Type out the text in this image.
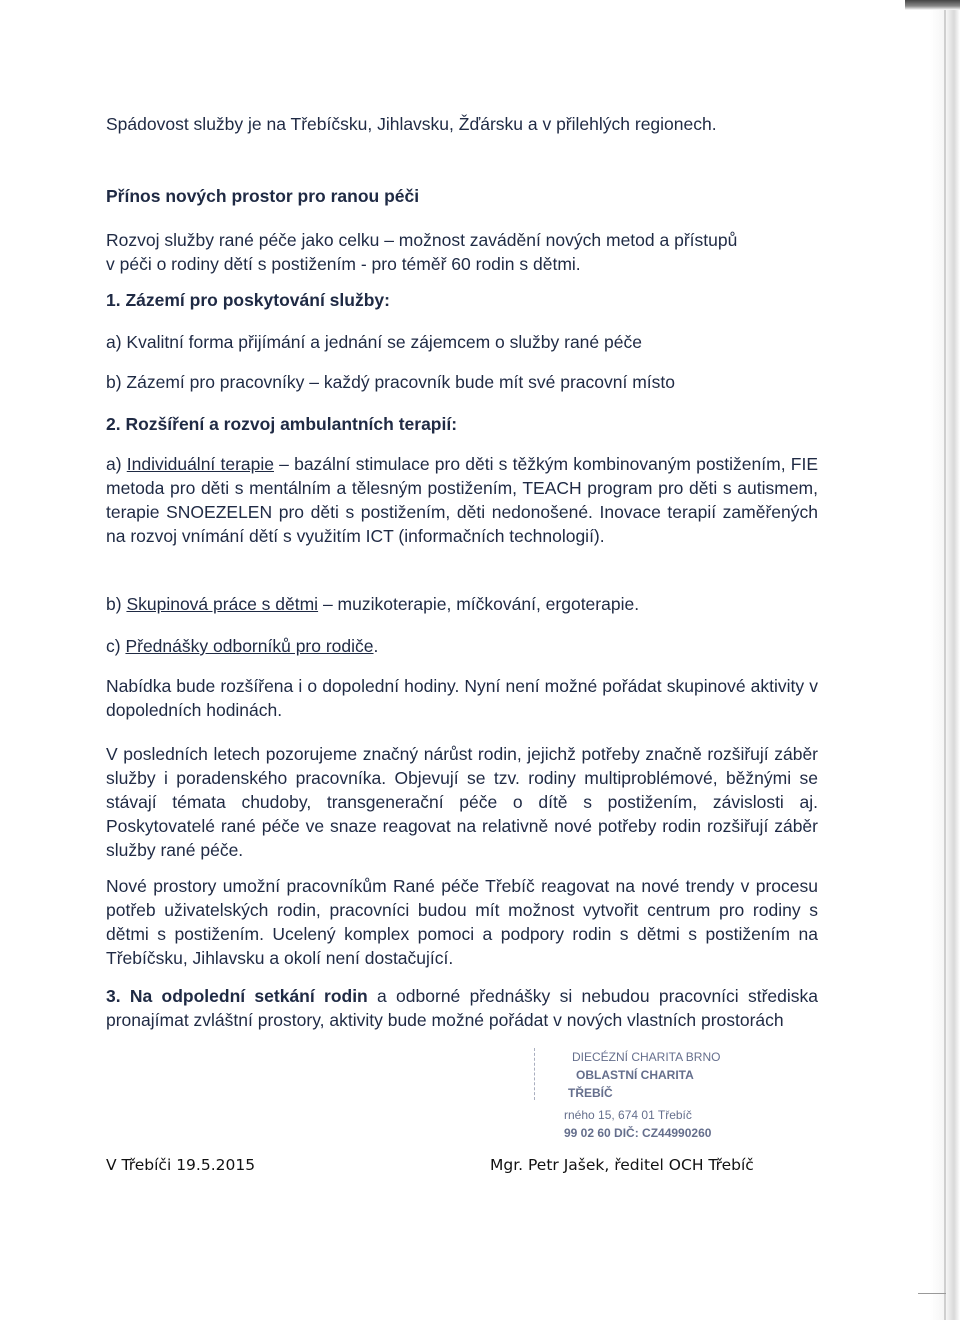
Spádovost služby je na Třebíčsku, Jihlavsku, Žďársku a v přilehlých regionech.

Přínos nových prostor pro ranou péči

Rozvoj služby rané péče jako celku – možnost zavádění nových metod a přístupů
v péči o rodiny dětí s postižením - pro téměř 60 rodin s dětmi.

1. Zázemí pro poskytování služby:

a) Kvalitní forma přijímání a jednání se zájemcem o služby rané péče

b) Zázemí pro pracovníky – každý pracovník bude mít své pracovní místo

2. Rozšíření a rozvoj ambulantních terapií:

a) Individuální terapie – bazální stimulace pro děti s těžkým kombinovaným postižením, FIE metoda pro děti s mentálním a tělesným postižením, TEACH program pro děti s autismem, terapie SNOEZELEN pro děti s postižením, děti nedonošené. Inovace terapií zaměřených na rozvoj vnímání dětí s využitím ICT (informačních technologií).

b) Skupinová práce s dětmi – muzikoterapie, míčkování, ergoterapie.

c) Přednášky odborníků pro rodiče.

Nabídka bude rozšířena i o dopolední hodiny. Nyní není možné pořádat skupinové aktivity v dopoledních hodinách.

V posledních letech pozorujeme značný nárůst rodin, jejichž potřeby značně rozšiřují záběr služby i poradenského pracovníka. Objevují se tzv. rodiny multiproblémové, běžnými se stávají témata chudoby, transgenerační péče o dítě s postižením, závislosti aj. Poskytovatelé rané péče ve snaze reagovat na relativně nové potřeby rodin rozšiřují záběr služby rané péče.

Nové prostory umožní pracovníkům Rané péče Třebíč reagovat na nové trendy v procesu potřeb uživatelských rodin, pracovníci budou mít možnost vytvořit centrum pro rodiny s dětmi s postižením. Ucelený komplex pomoci a podpory rodin s dětmi s postižením na Třebíčsku, Jihlavsku a okolí není dostačující.

3. Na odpolední setkání rodin a odborné přednášky si nebudou pracovníci střediska pronajímat zvláštní prostory, aktivity bude možné pořádat v nových vlastních prostorách

DIECÉZNÍ CHARITA BRNO
OBLASTNÍ CHARITA
TŘEBÍČ
rného 15, 674 01 Třebíč
99 02 60 DIČ: CZ44990260
V Třebíči 19.5.2015	Mgr. Petr Jašek, ředitel OCH Třebíč
